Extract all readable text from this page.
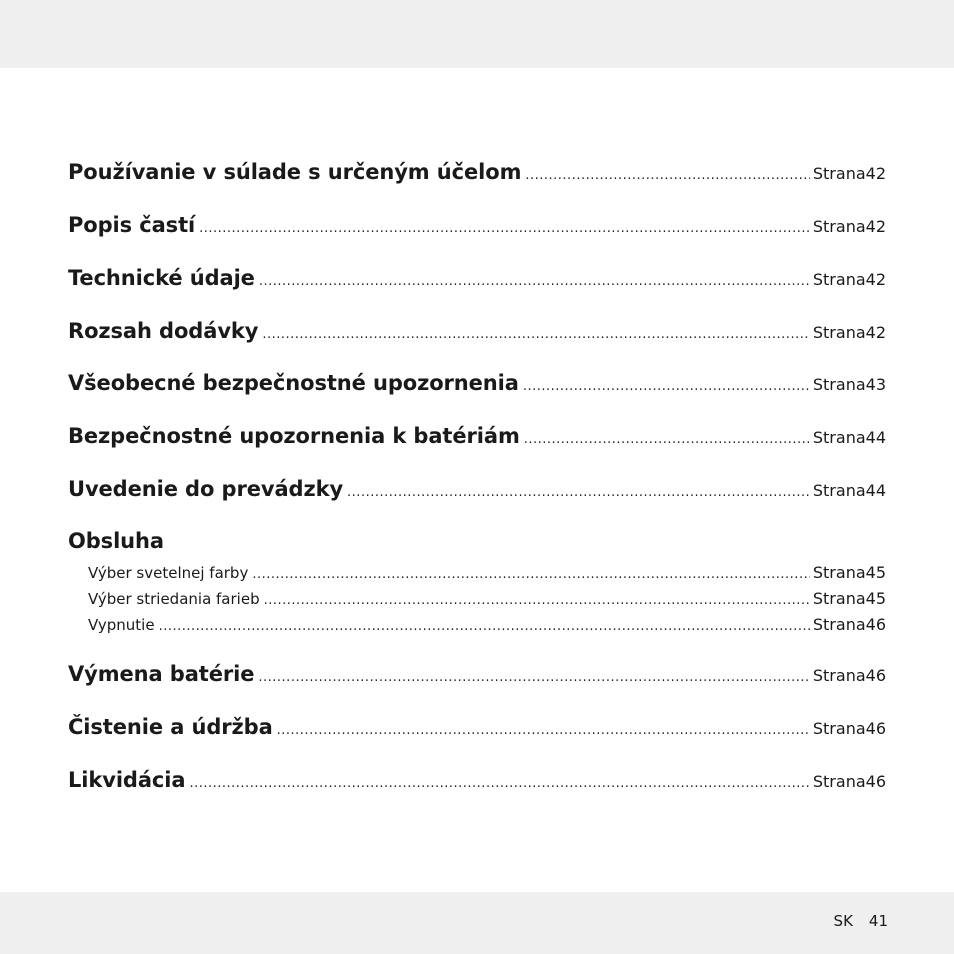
Používanie v súlade s určeným účelom .....	Strana 42
Popis častí .....	Strana 42
Technické údaje .....	Strana 42
Rozsah dodávky .....	Strana 42
Všeobecné bezpečnostné upozornenia .....	Strana 43
Bezpečnostné upozornenia k batériám .....	Strana 44
Uvedenie do prevádzky .....	Strana 44
Obsluha
Výber svetelnej farby .....	Strana 45
Výber striedania farieb .....	Strana 45
Vypnutie .....	Strana 46
Výmena batérie .....	Strana 46
Čistenie a údržba .....	Strana 46
Likvidácia .....	Strana 46
SK 41
